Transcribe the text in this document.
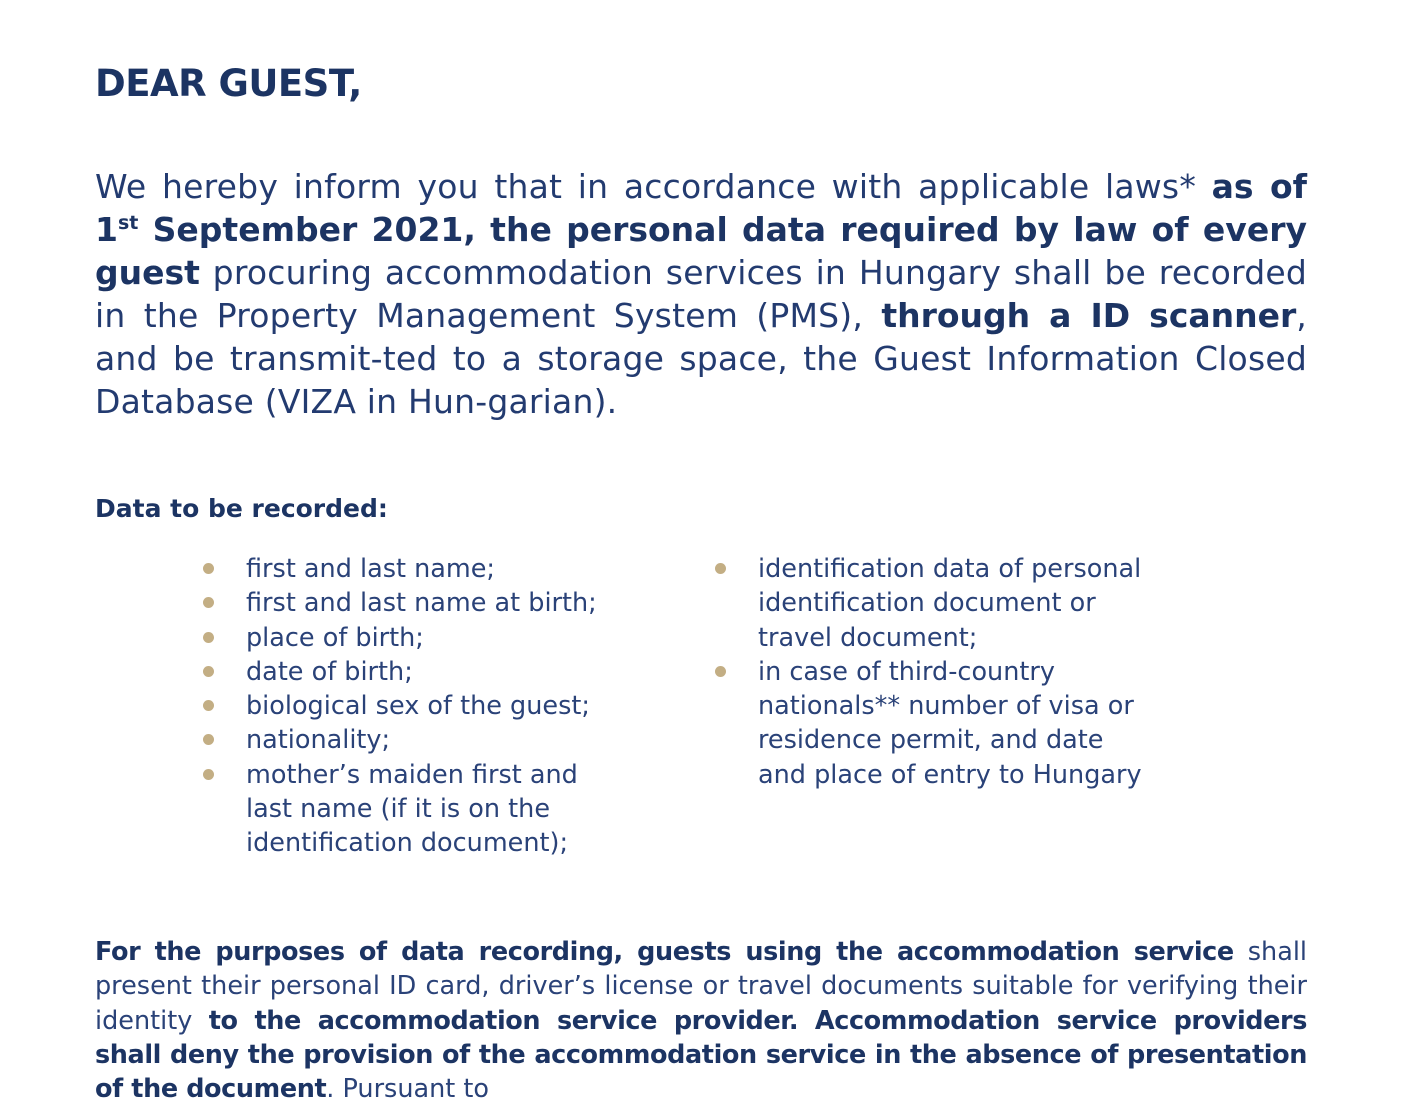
DEAR GUEST,

We hereby inform you that in accordance with applicable laws* as of 1st September 2021, the personal data required by law of every guest procuring accommodation services in Hungary shall be recorded in the Property Management System (PMS), through a ID scanner, and be transmit-ted to a storage space, the Guest Information Closed Database (VIZA in Hun-garian).

Data to be recorded:
first and last name;
first and last name at birth;
place of birth;
date of birth;
biological sex of the guest;
nationality;
mother’s maiden first and last name (if it is on the identification document);
identification data of personal identification document or travel document;
in case of third-country nationals** number of visa or residence permit, and date and place of entry to Hungary

For the purposes of data recording, guests using the accommodation service shall present their personal ID card, driver’s license or travel documents suitable for verifying their identity to the accommodation service provider. Accommodation service providers shall deny the provision of the accommodation service in the absence of presentation of the document. Pursuant to
